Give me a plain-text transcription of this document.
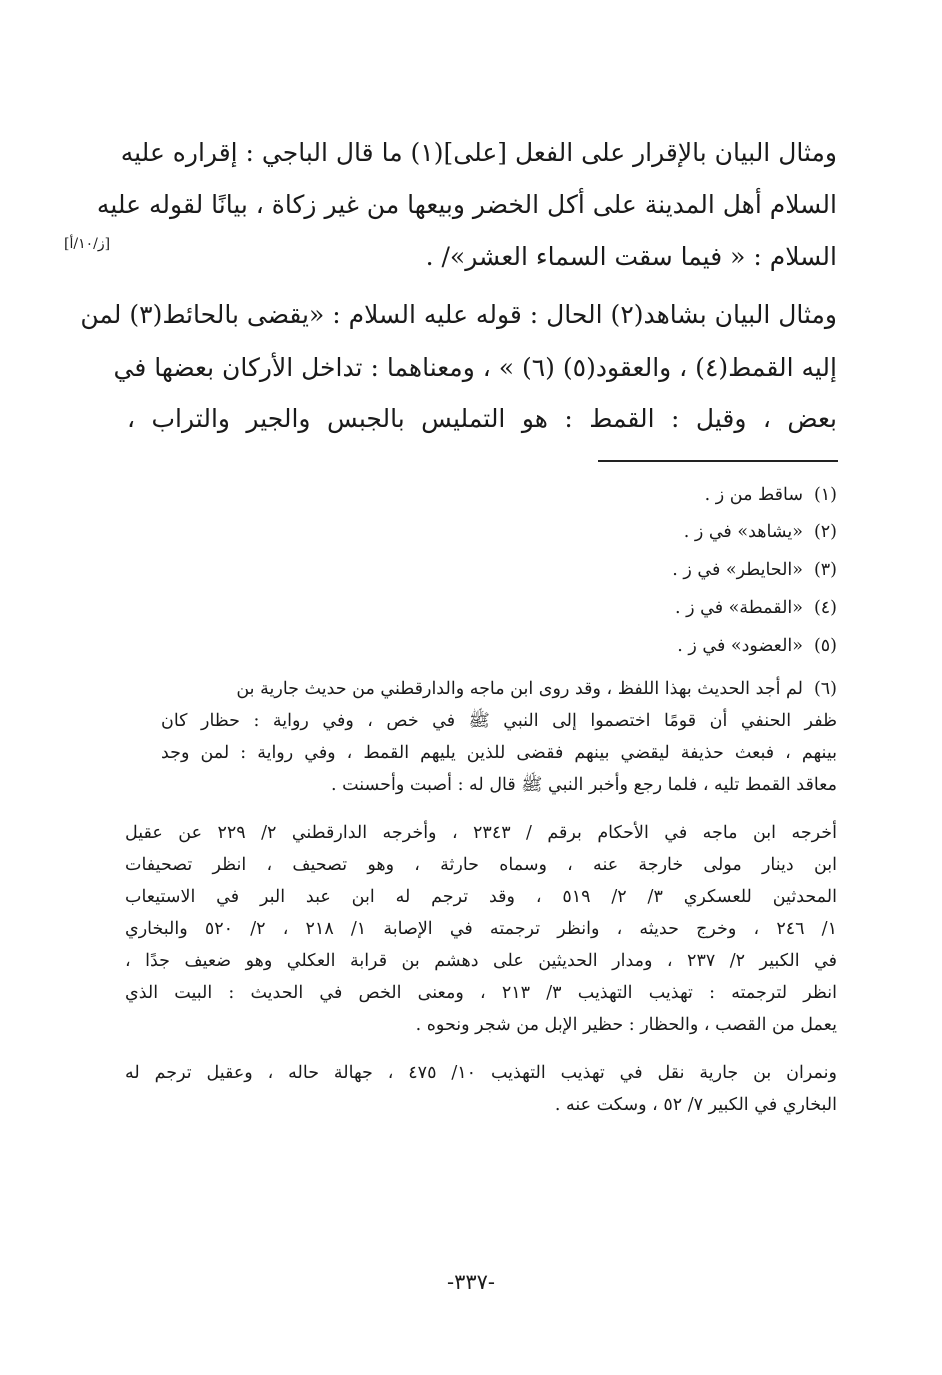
ومثال البيان بالإقرار على الفعل [على](١) ما قال الباجي : إقراره عليه
السلام أهل المدينة على أكل الخضر وبيعها من غير زكاة ، بيانًا لقوله عليه
السلام : « فيما سقت السماء العشر»/ .
[ز/١٠/أ]
ومثال البيان بشاهد(٢) الحال : قوله عليه السلام : «يقضى بالحائط(٣) لمن
إليه القمط(٤) ، والعقود(٥) (٦) » ، ومعناهما : تداخل الأركان بعضها في
بعض ، وقيل : القمط : هو التمليس بالجبس والجير والتراب ،
(١)ساقط من ز .
(٢)«يشاهد» في ز .
(٣)«الحايطر» في ز .
(٤)«القمطة» في ز .
(٥)«العضود» في ز .
(٦)لم أجد الحديث بهذا اللفظ ، وقد روى ابن ماجه والدارقطني من حديث جارية بن
ظفر الحنفي أن قومًا اختصموا إلى النبي ﷺ في خص ، وفي رواية : حظار كان
بينهم ، فبعث حذيفة ليقضي بينهم فقضى للذين يليهم القمط ، وفي رواية : لمن وجد
معاقد القمط تليه ، فلما رجع وأخبر النبي ﷺ قال له : أصبت وأحسنت .
أخرجه ابن ماجه في الأحكام برقم / ٢٣٤٣ ، وأخرجه الدارقطني ٢/ ٢٢٩ عن عقيل
ابن دينار مولى خارجة عنه ، وسماه حارثة ، وهو تصحيف ، انظر تصحيفات
المحدثين للعسكري ٣/ ٢/ ٥١٩ ، وقد ترجم له ابن عبد البر في الاستيعاب
١/ ٢٤٦ ، وخرج حديثه ، وانظر ترجمته في الإصابة ١/ ٢١٨ ، ٢/ ٥٢٠ والبخاري
في الكبير ٢/ ٢٣٧ ، ومدار الحديثين على دهشم بن قرابة العكلي وهو ضعيف جدًا ،
انظر لترجمته : تهذيب التهذيب ٣/ ٢١٣ ، ومعنى الخص في الحديث : البيت الذي
يعمل من القصب ، والحظار : حظير الإبل من شجر ونحوه .
ونمران بن جارية نقل في تهذيب التهذيب ١٠/ ٤٧٥ ، جهالة حاله ، وعقيل ترجم له
البخاري في الكبير ٧/ ٥٢ ، وسكت عنه .
-٣٣٧-
